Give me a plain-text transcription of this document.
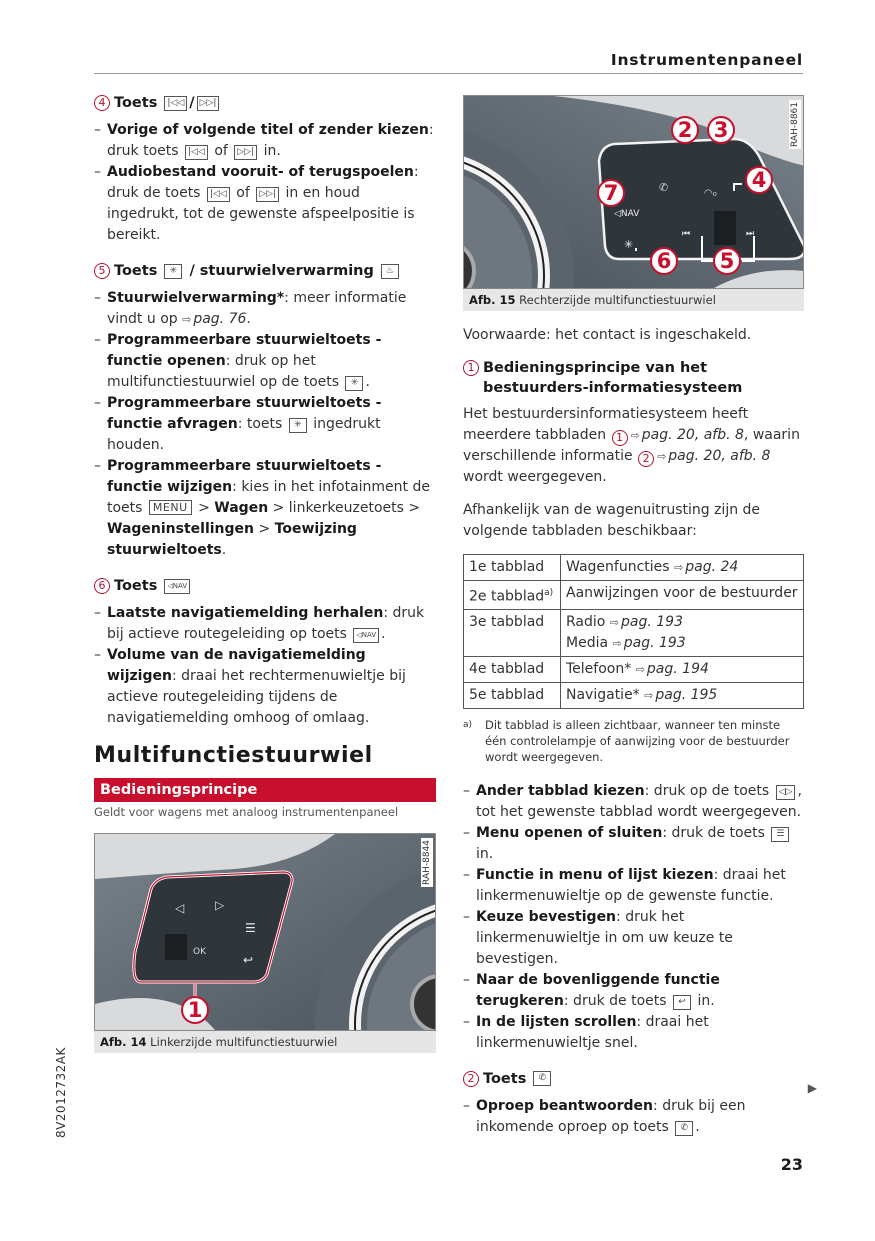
Instrumentenpaneel
4 Toets
	|◁◁ / ▷▷|
– Vorige of volgende titel of zender kiezen: druk toets |◁◁ of ▷▷| in.
– Audiobestand vooruit- of terugspoelen: druk de toets |◁◁ of ▷▷| in en houd ingedrukt, tot de gewenste afspeelpositie is bereikt.
5 Toets
	✳
/ stuurwielverwarming
	♨
– Stuurwielverwarming*: meer informatie vindt u op ⇨ pag. 76.
– Programmeerbare stuurwieltoets - functie openen: druk op het multifunctiestuurwiel op de toets ✳ .
– Programmeerbare stuurwieltoets - functie afvragen: toets ✳ ingedrukt houden.
– Programmeerbare stuurwieltoets - functie wijzigen: kies in het infotainment de toets MENU > Wagen > linkerkeuzetoets > Wageninstellingen > Toewijzing stuurwieltoets.
6 Toets
	◁NAV
– Laatste navigatiemelding herhalen: druk bij actieve routegeleiding op toets ◁NAV .
– Volume van de navigatiemelding wijzigen: draai het rechtermenuwieltje bij actieve routegeleiding tijdens de navigatiemelding omhoog of omlaag.
Multifunctiestuurwiel
Bedieningsprincipe
Geldt voor wagens met analoog instrumentenpaneel
◁	▷
OK
☰
↩
1
RAH-8844
Afb. 14 Linkerzijde multifunctiestuurwiel
✆	◠₀
◁NAV
✳
⏮	⏭
2	3
4
5
6
7
RAH-8861
Afb. 15 Rechterzijde multifunctiestuurwiel

Voorwaarde: het contact is ingeschakeld.

1 Bedieningsprincipe van het bestuurders-informatiesysteem

Het bestuurdersinformatiesysteem heeft meerdere tabbladen 1 ⇨ pag. 20, afb. 8, waarin verschillende informatie 2 ⇨ pag. 20, afb. 8 wordt weergegeven.

Afhankelijk van de wagenuitrusting zijn de volgende tabbladen beschikbaar:

1e tabblad	Wagenfuncties ⇨ pag. 24
2e tabblad$^{a)}$	Aanwijzingen voor de bestuurder
3e tabblad	Radio ⇨ pag. 193
Media ⇨ pag. 193
4e tabblad	Telefoon* ⇨ pag. 194
5e tabblad	Navigatie* ⇨ pag. 195
a)	Dit tabblad is alleen zichtbaar, wanneer ten minste één controlelampje of aanwijzing voor de bestuurder wordt weergegeven.
– Ander tabblad kiezen: druk op de toets ◁▷ , tot het gewenste tabblad wordt weergegeven.
– Menu openen of sluiten: druk de toets ☰ in.
– Functie in menu of lijst kiezen: draai het linkermenuwieltje op de gewenste functie.
– Keuze bevestigen: druk het linkermenuwieltje in om uw keuze te bevestigen.
– Naar de bovenliggende functie terugkeren: druk de toets ↩ in.
– In de lijsten scrollen: draai het linkermenuwieltje snel.
2 Toets
	✆
– Oproep beantwoorden: druk bij een inkomende oproep op toets ✆ .
▶
8V2012732AK
23
